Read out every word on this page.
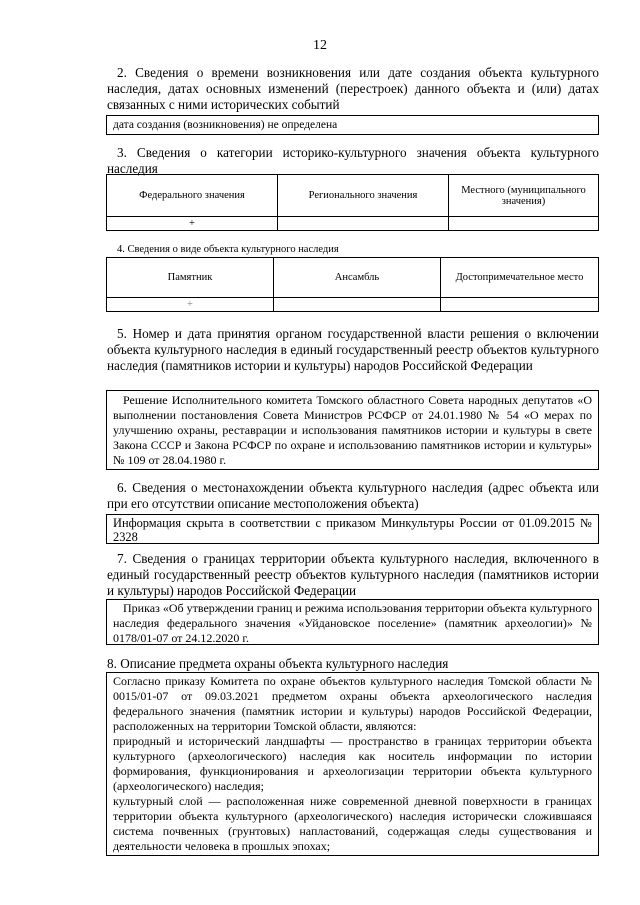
12
2. Сведения о времени возникновения или дате создания объекта культурного наследия, датах основных изменений (перестроек) данного объекта и (или) датах связанных с ними исторических событий
дата создания (возникновения) не определена
3. Сведения о категории историко-культурного значения объекта культурного наследия
Федерального значения	Регионального значения	Местного (муниципального значения)
+		
4. Сведения о виде объекта культурного наследия
Памятник	Ансамбль	Достопримечательное место
+		
5. Номер и дата принятия органом государственной власти решения о включении объекта культурного наследия в единый государственный реестр объектов культурного наследия (памятников истории и культуры) народов Российской Федерации
Решение Исполнительного комитета Томского областного Совета народных депутатов «О выполнении постановления Совета Министров РСФСР от 24.01.1980 № 54 «О мерах по улучшению охраны, реставрации и использования памятников истории и культуры в свете Закона СССР и Закона РСФСР по охране и использованию памятников истории и культуры» № 109 от 28.04.1980 г.
6. Сведения о местонахождении объекта культурного наследия (адрес объекта или при его отсутствии описание местоположения объекта)
Информация скрыта в соответствии с приказом Минкультуры России от 01.09.2015 № 2328
7. Сведения о границах территории объекта культурного наследия, включенного в единый государственный реестр объектов культурного наследия (памятников истории и культуры) народов Российской Федерации
Приказ «Об утверждении границ и режима использования территории объекта культурного наследия федерального значения «Уйдановское поселение» (памятник археологии)» № 0178/01-07 от 24.12.2020 г.
8. Описание предмета охраны объекта культурного наследия

Согласно приказу Комитета по охране объектов культурного наследия Томской области № 0015/01-07 от 09.03.2021 предметом охраны объекта археологического наследия федерального значения (памятник истории и культуры) народов Российской Федерации, расположенных на территории Томской области, являются:

природный и исторический ландшафты — пространство в границах территории объекта культурного (археологического) наследия как носитель информации по истории формирования, функционирования и археологизации территории объекта культурного (археологического) наследия;

культурный слой — расположенная ниже современной дневной поверхности в границах территории объекта культурного (археологического) наследия исторически сложившаяся система почвенных (грунтовых) напластований, содержащая следы существования и деятельности человека в прошлых эпохах;
